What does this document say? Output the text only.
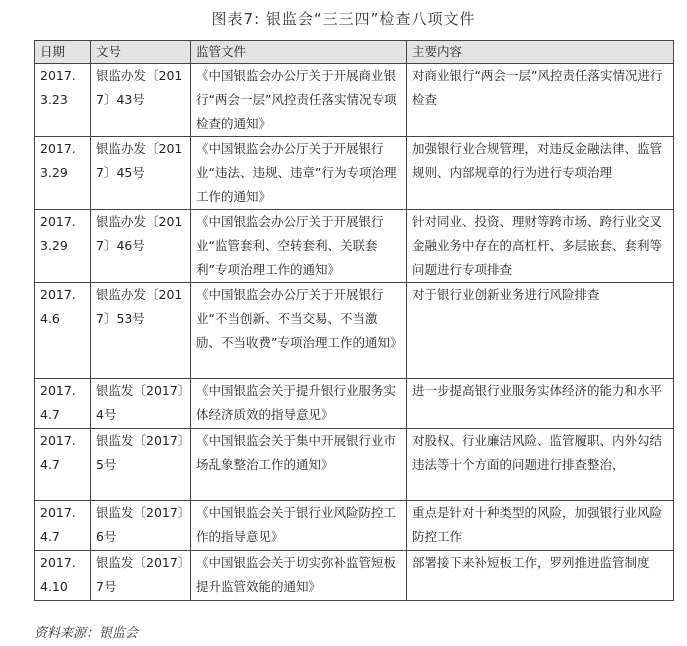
图表7: 银监会“三三四”检查八项文件
日期	文号	监管文件	主要内容
2017.3.23	银监办发〔2017〕43号	《中国银监会办公厅关于开展商业银行“两会一层”风控责任落实情况专项检查的通知》	对商业银行“两会一层”风控责任落实情况进行检查
2017.3.29	银监办发〔2017〕45号	《中国银监会办公厅关于开展银行业“违法、违规、违章”行为专项治理工作的通知》	加强银行业合规管理，对违反金融法律、监管规则、内部规章的行为进行专项治理
2017.3.29	银监办发〔2017〕46号	《中国银监会办公厅关于开展银行业“监管套利、空转套利、关联套利”专项治理工作的通知》	针对同业、投资、理财等跨市场、跨行业交叉金融业务中存在的高杠杆、多层嵌套、套利等问题进行专项排查
2017.4.6	银监办发〔2017〕53号	《中国银监会办公厅关于开展银行业“不当创新、不当交易、不当激励、不当收费”专项治理工作的通知》	对于银行业创新业务进行风险排查
2017.4.7	银监发〔2017〕4号	《中国银监会关于提升银行业服务实体经济质效的指导意见》	进一步提高银行业服务实体经济的能力和水平
2017.4.7	银监发〔2017〕5号	《中国银监会关于集中开展银行业市场乱象整治工作的通知》	对股权、行业廉洁风险、监管履职、内外勾结违法等十个方面的问题进行排查整治，
2017.4.7	银监发〔2017〕6号	《中国银监会关于银行业风险防控工作的指导意见》	重点是针对十种类型的风险，加强银行业风险防控工作
2017.4.10	银监发〔2017〕7号	《中国银监会关于切实弥补监管短板提升监管效能的通知》	部署接下来补短板工作，罗列推进监管制度
资料来源：银监会
